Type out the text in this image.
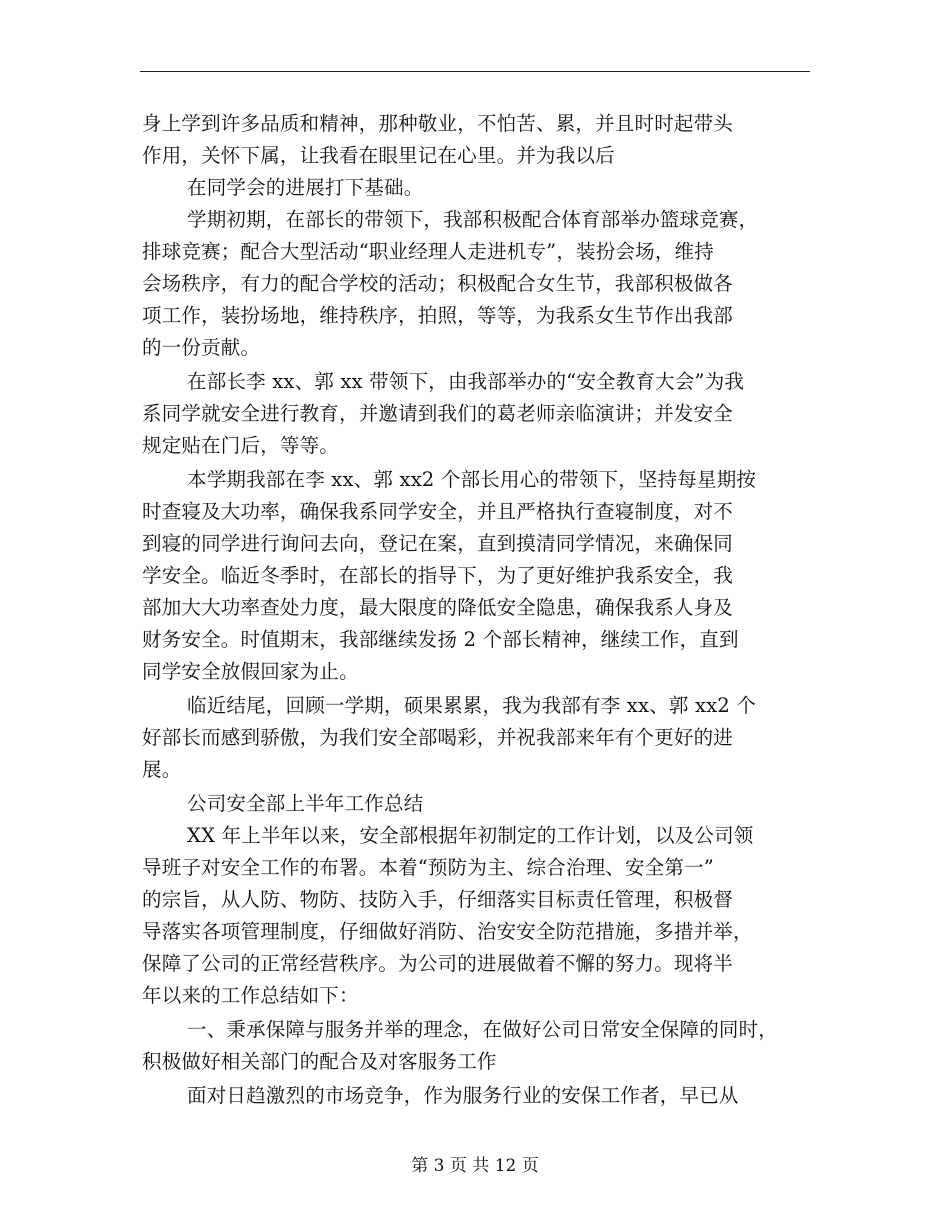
身上学到许多品质和精神，那种敬业，不怕苦、累，并且时时起带头
作用，关怀下属，让我看在眼里记在心里。并为我以后
在同学会的进展打下基础。
学期初期，在部长的带领下，我部积极配合体育部举办篮球竞赛，
排球竞赛；配合大型活动“职业经理人走进机专”，装扮会场，维持
会场秩序，有力的配合学校的活动；积极配合女生节，我部积极做各
项工作，装扮场地，维持秩序，拍照，等等，为我系女生节作出我部
的一份贡献。
在部长李 xx、郭 xx 带领下，由我部举办的“安全教育大会”为我
系同学就安全进行教育，并邀请到我们的葛老师亲临演讲；并发安全
规定贴在门后，等等。
本学期我部在李 xx、郭 xx2 个部长用心的带领下，坚持每星期按
时查寝及大功率，确保我系同学安全，并且严格执行查寝制度，对不
到寝的同学进行询问去向，登记在案，直到摸清同学情况，来确保同
学安全。临近冬季时，在部长的指导下，为了更好维护我系安全，我
部加大大功率查处力度，最大限度的降低安全隐患，确保我系人身及
财务安全。时值期末，我部继续发扬 2 个部长精神，继续工作，直到
同学安全放假回家为止。
临近结尾，回顾一学期，硕果累累，我为我部有李 xx、郭 xx2 个
好部长而感到骄傲，为我们安全部喝彩，并祝我部来年有个更好的进
展。
公司安全部上半年工作总结
XX 年上半年以来，安全部根据年初制定的工作计划，以及公司领
导班子对安全工作的布署。本着“预防为主、综合治理、安全第一”
的宗旨，从人防、物防、技防入手，仔细落实目标责任管理，积极督
导落实各项管理制度，仔细做好消防、治安安全防范措施，多措并举，
保障了公司的正常经营秩序。为公司的进展做着不懈的努力。现将半
年以来的工作总结如下：
一、秉承保障与服务并举的理念，在做好公司日常安全保障的同时，
积极做好相关部门的配合及对客服务工作
面对日趋激烈的市场竞争，作为服务行业的安保工作者，早已从
第 3 页 共 12 页
